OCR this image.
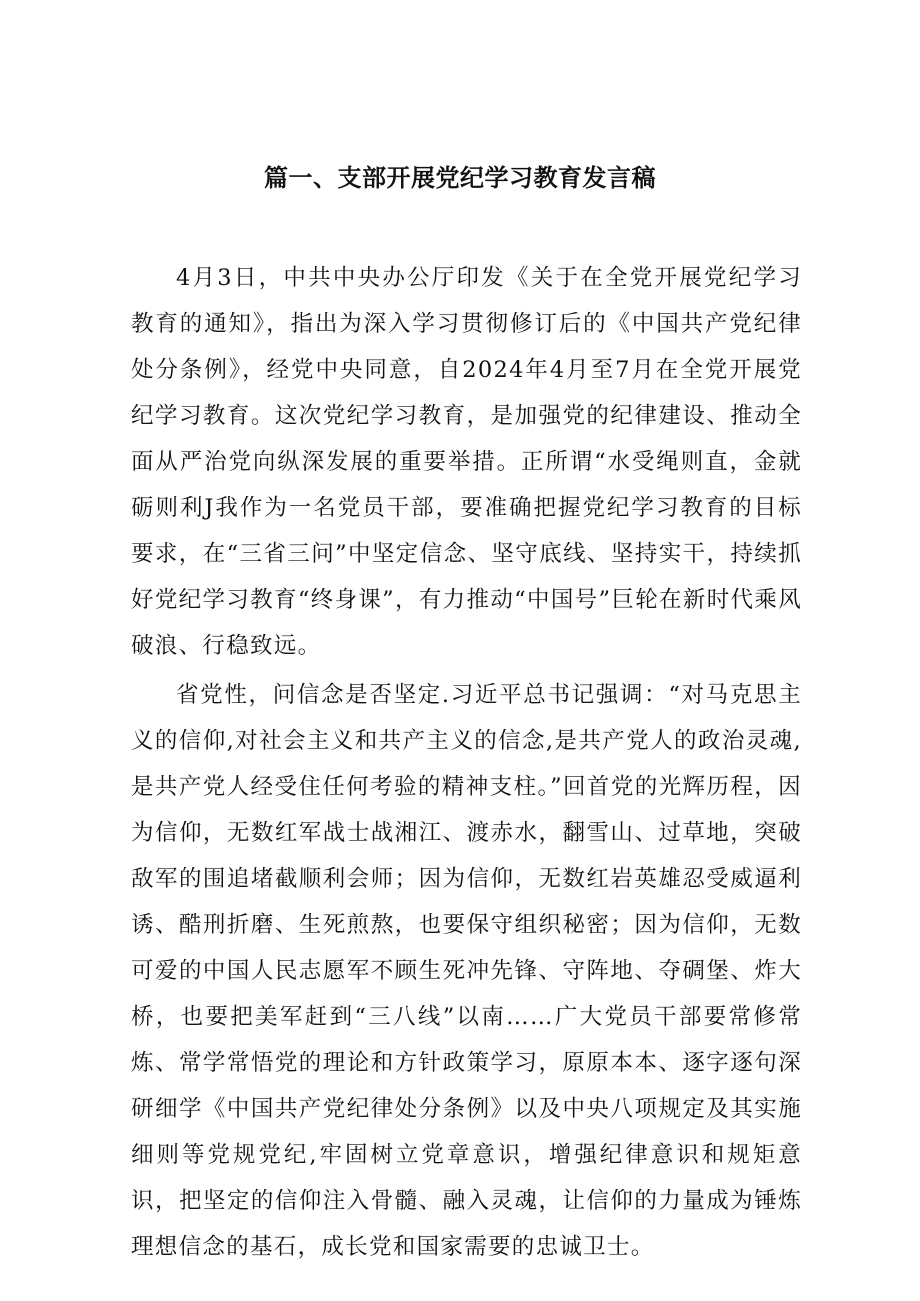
篇一、支部开展党纪学习教育发言稿

4月3日，中共中央办公厅印发《关于在全党开展党纪学习教育的通知》，指出为深入学习贯彻修订后的《中国共产党纪律处分条例》，经党中央同意，自2024年4月至7月在全党开展党纪学习教育。这次党纪学习教育，是加强党的纪律建设、推动全面从严治党向纵深发展的重要举措。正所谓“水受绳则直，金就砺则利J我作为一名党员干部，要准确把握党纪学习教育的目标要求，在“三省三问”中坚定信念、坚守底线、坚持实干，持续抓好党纪学习教育“终身课”，有力推动“中国号”巨轮在新时代乘风破浪、行稳致远。

省党性，问信念是否坚定.习近平总书记强调：“对马克思主义的信仰,对社会主义和共产主义的信念,是共产党人的政治灵魂,是共产党人经受住任何考验的精神支柱。”回首党的光辉历程，因为信仰，无数红军战士战湘江、渡赤水，翻雪山、过草地，突破敌军的围追堵截顺利会师；因为信仰，无数红岩英雄忍受威逼利诱、酷刑折磨、生死煎熬，也要保守组织秘密；因为信仰，无数可爱的中国人民志愿军不顾生死冲先锋、守阵地、夺碉堡、炸大桥，也要把美军赶到“三八线”以南……广大党员干部要常修常炼、常学常悟党的理论和方针政策学习，原原本本、逐字逐句深研细学《中国共产党纪律处分条例》以及中央八项规定及其实施细则等党规党纪,牢固树立党章意识，增强纪律意识和规矩意识，把坚定的信仰注入骨髓、融入灵魂，让信仰的力量成为锤炼理想信念的基石，成长党和国家需要的忠诚卫士。
